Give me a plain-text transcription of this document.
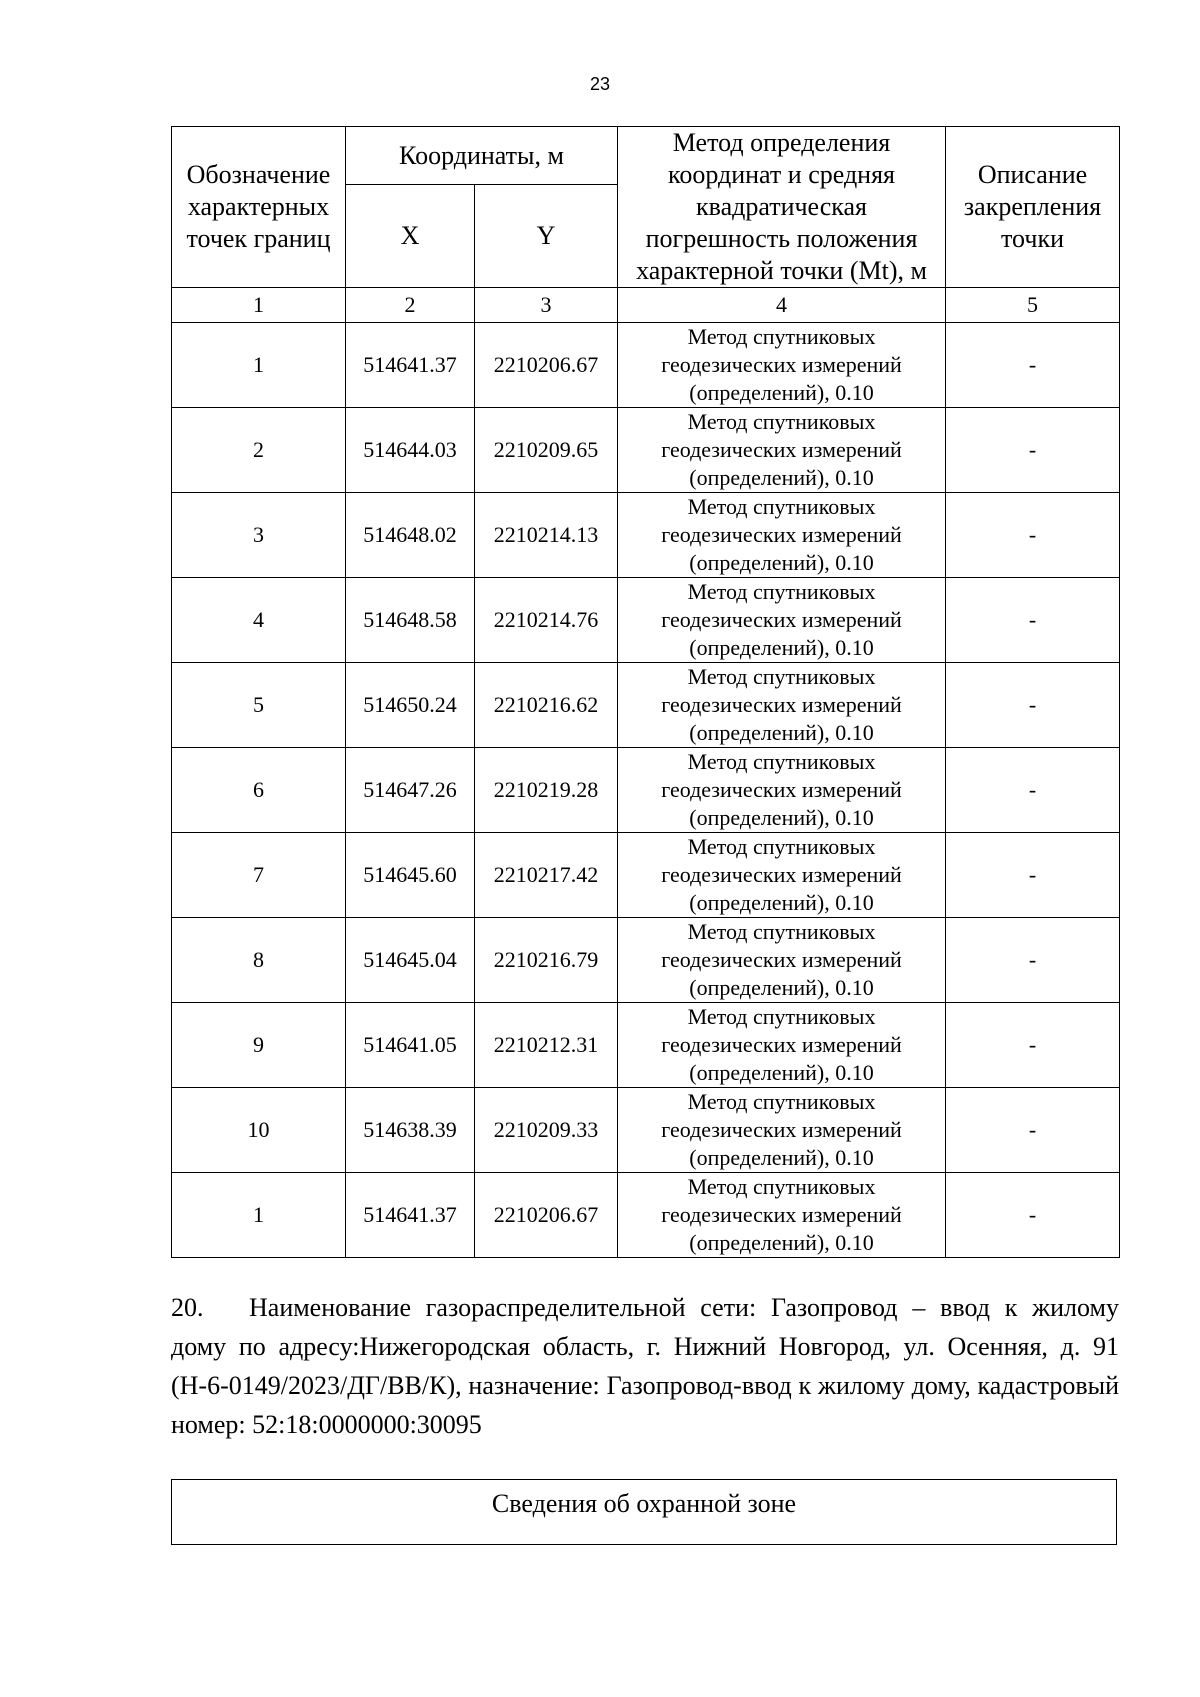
23
Обозначение характерных точек границ	Координаты, м		Метод определения координат и средняя квадратическая погрешность положения характерной точки (Mt), м	Описание закрепления точки
	X	Y		
1	2	3	4	5
1	514641.37	2210206.67	Метод спутниковых геодезических измерений (определений), 0.10	-
2	514644.03	2210209.65	Метод спутниковых геодезических измерений (определений), 0.10	-
3	514648.02	2210214.13	Метод спутниковых геодезических измерений (определений), 0.10	-
4	514648.58	2210214.76	Метод спутниковых геодезических измерений (определений), 0.10	-
5	514650.24	2210216.62	Метод спутниковых геодезических измерений (определений), 0.10	-
6	514647.26	2210219.28	Метод спутниковых геодезических измерений (определений), 0.10	-
7	514645.60	2210217.42	Метод спутниковых геодезических измерений (определений), 0.10	-
8	514645.04	2210216.79	Метод спутниковых геодезических измерений (определений), 0.10	-
9	514641.05	2210212.31	Метод спутниковых геодезических измерений (определений), 0.10	-
10	514638.39	2210209.33	Метод спутниковых геодезических измерений (определений), 0.10	-
1	514641.37	2210206.67	Метод спутниковых геодезических измерений (определений), 0.10	-

20. Наименование газораспределительной сети: Газопровод – ввод к жилому дому по адресу:Нижегородская область, г. Нижний Новгород, ул. Осенняя, д. 91 (Н-6-0149/2023/ДГ/ВВ/К), назначение: Газопровод-ввод к жилому дому, кадастровый номер: 52:18:0000000:30095

Сведения об охранной зоне
